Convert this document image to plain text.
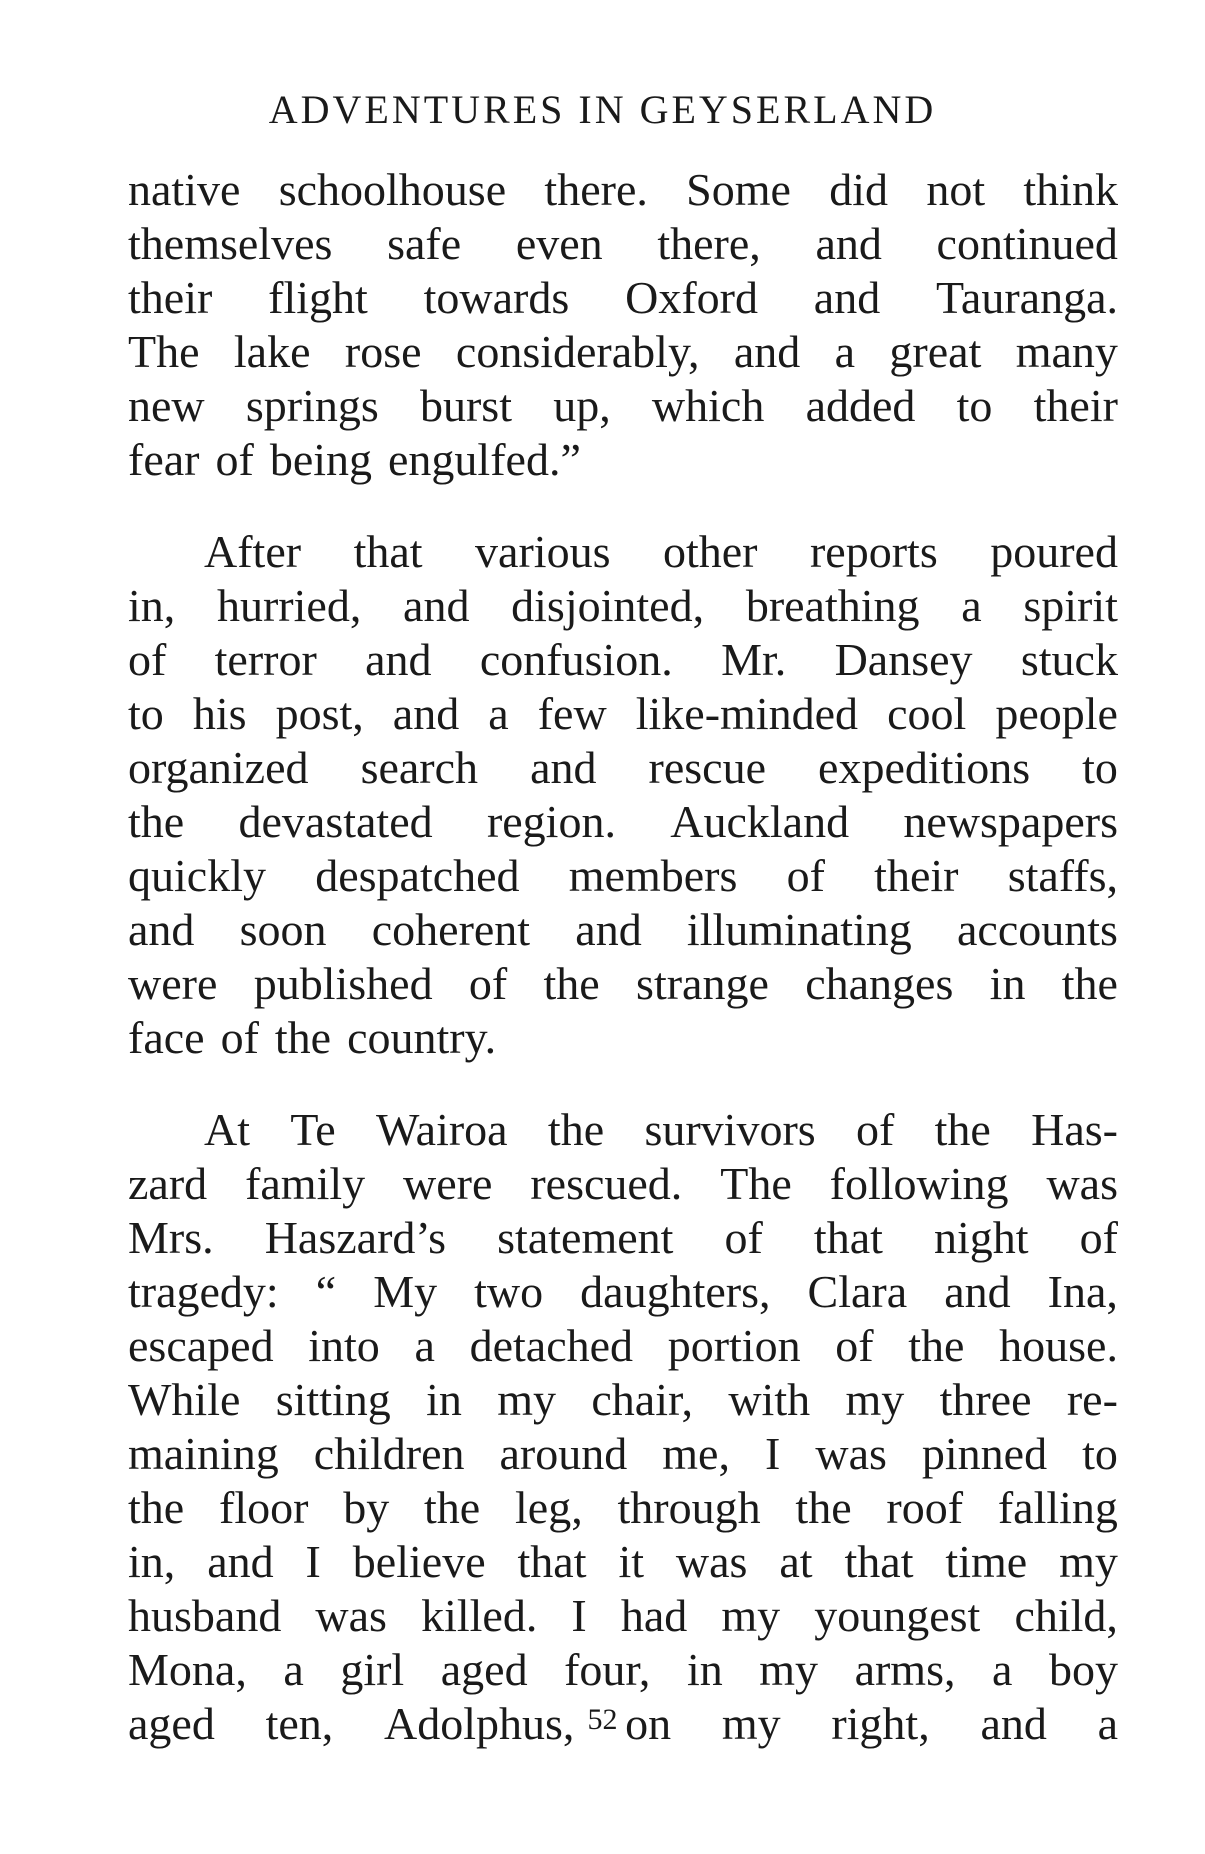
ADVENTURES IN GEYSERLAND
native schoolhouse there. Some did not think
themselves safe even there, and continued
their flight towards Oxford and Tauranga.
The lake rose considerably, and a great many
new springs burst up, which added to their
fear of being engulfed.”
After that various other reports poured
in, hurried, and disjointed, breathing a spirit
of terror and confusion. Mr. Dansey stuck
to his post, and a few like-minded cool people
organized search and rescue expeditions to
the devastated region. Auckland newspapers
quickly despatched members of their staffs,
and soon coherent and illuminating accounts
were published of the strange changes in the
face of the country.
At Te Wairoa the survivors of the Has-
zard family were rescued. The following was
Mrs. Haszard’s statement of that night of
tragedy: “ My two daughters, Clara and Ina,
escaped into a detached portion of the house.
While sitting in my chair, with my three re-
maining children around me, I was pinned to
the floor by the leg, through the roof falling
in, and I believe that it was at that time my
husband was killed. I had my youngest child,
Mona, a girl aged four, in my arms, a boy
aged ten, Adolphus, on my right, and a
52
